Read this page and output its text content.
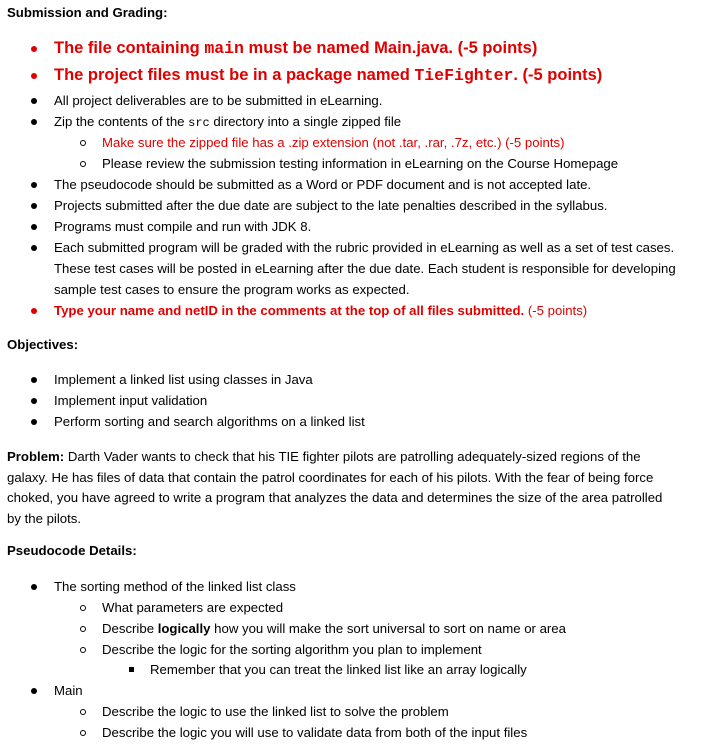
Submission and Grading:
The file containing main must be named Main.java. (-5 points)
The project files must be in a package named TieFighter. (-5 points)
All project deliverables are to be submitted in eLearning.
Zip the contents of the src directory into a single zipped file
Make sure the zipped file has a .zip extension (not .tar, .rar, .7z, etc.) (-5 points)
Please review the submission testing information in eLearning on the Course Homepage
The pseudocode should be submitted as a Word or PDF document and is not accepted late.
Projects submitted after the due date are subject to the late penalties described in the syllabus.
Programs must compile and run with JDK 8.
Each submitted program will be graded with the rubric provided in eLearning as well as a set of test cases.
These test cases will be posted in eLearning after the due date. Each student is responsible for developing
sample test cases to ensure the program works as expected.
Type your name and netID in the comments at the top of all files submitted. (-5 points)
Objectives:
Implement a linked list using classes in Java
Implement input validation
Perform sorting and search algorithms on a linked list
Problem: Darth Vader wants to check that his TIE fighter pilots are patrolling adequately-sized regions of the
galaxy. He has files of data that contain the patrol coordinates for each of his pilots. With the fear of being force
choked, you have agreed to write a program that analyzes the data and determines the size of the area patrolled
by the pilots.
Pseudocode Details:
The sorting method of the linked list class
What parameters are expected
Describe logically how you will make the sort universal to sort on name or area
Describe the logic for the sorting algorithm you plan to implement
Remember that you can treat the linked list like an array logically
Main
Describe the logic to use the linked list to solve the problem
Describe the logic you will use to validate data from both of the input files
